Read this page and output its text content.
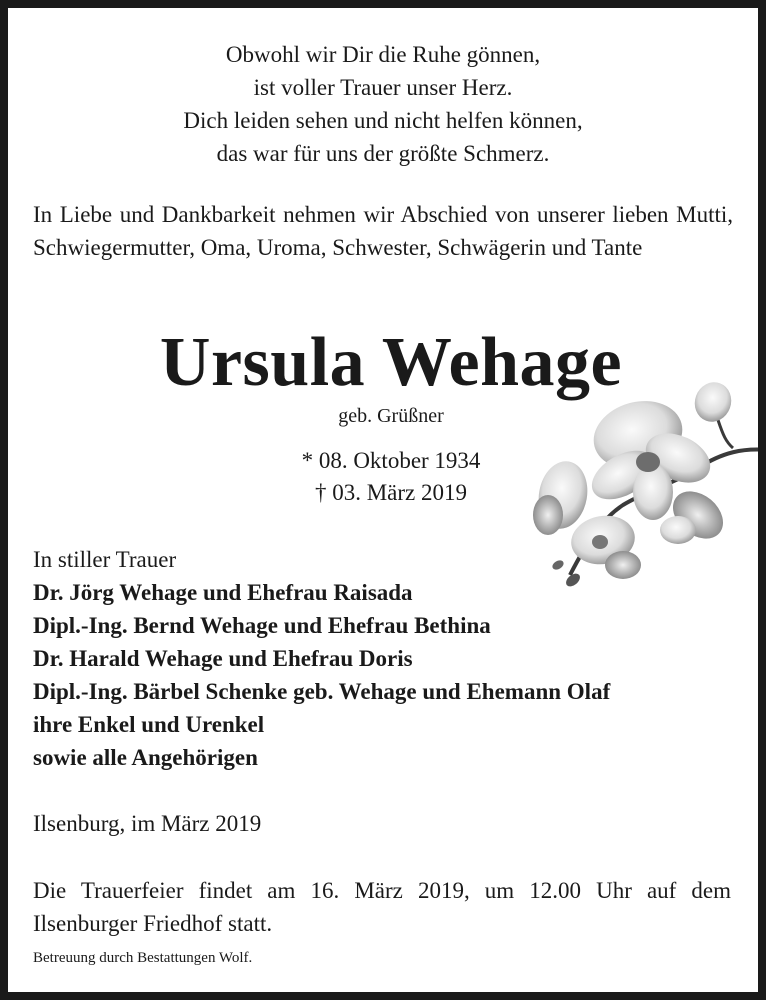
Obwohl wir Dir die Ruhe gönnen,
ist voller Trauer unser Herz.
Dich leiden sehen und nicht helfen können,
das war für uns der größte Schmerz.
In Liebe und Dankbarkeit nehmen wir Abschied von unserer lieben Mutti, Schwiegermutter, Oma, Uroma, Schwester, Schwägerin und Tante
Ursula Wehage
geb. Grüßner
* 08. Oktober 1934
† 03. März 2019
In stiller Trauer
Dr. Jörg Wehage und Ehefrau Raisada
Dipl.-Ing. Bernd Wehage und Ehefrau Bethina
Dr. Harald Wehage und Ehefrau Doris
Dipl.-Ing. Bärbel Schenke geb. Wehage und Ehemann Olaf
ihre Enkel und Urenkel
sowie alle Angehörigen
Ilsenburg, im März 2019
Die Trauerfeier findet am 16. März 2019, um 12.00 Uhr auf dem Ilsenburger Friedhof statt.
Betreuung durch Bestattungen Wolf.
